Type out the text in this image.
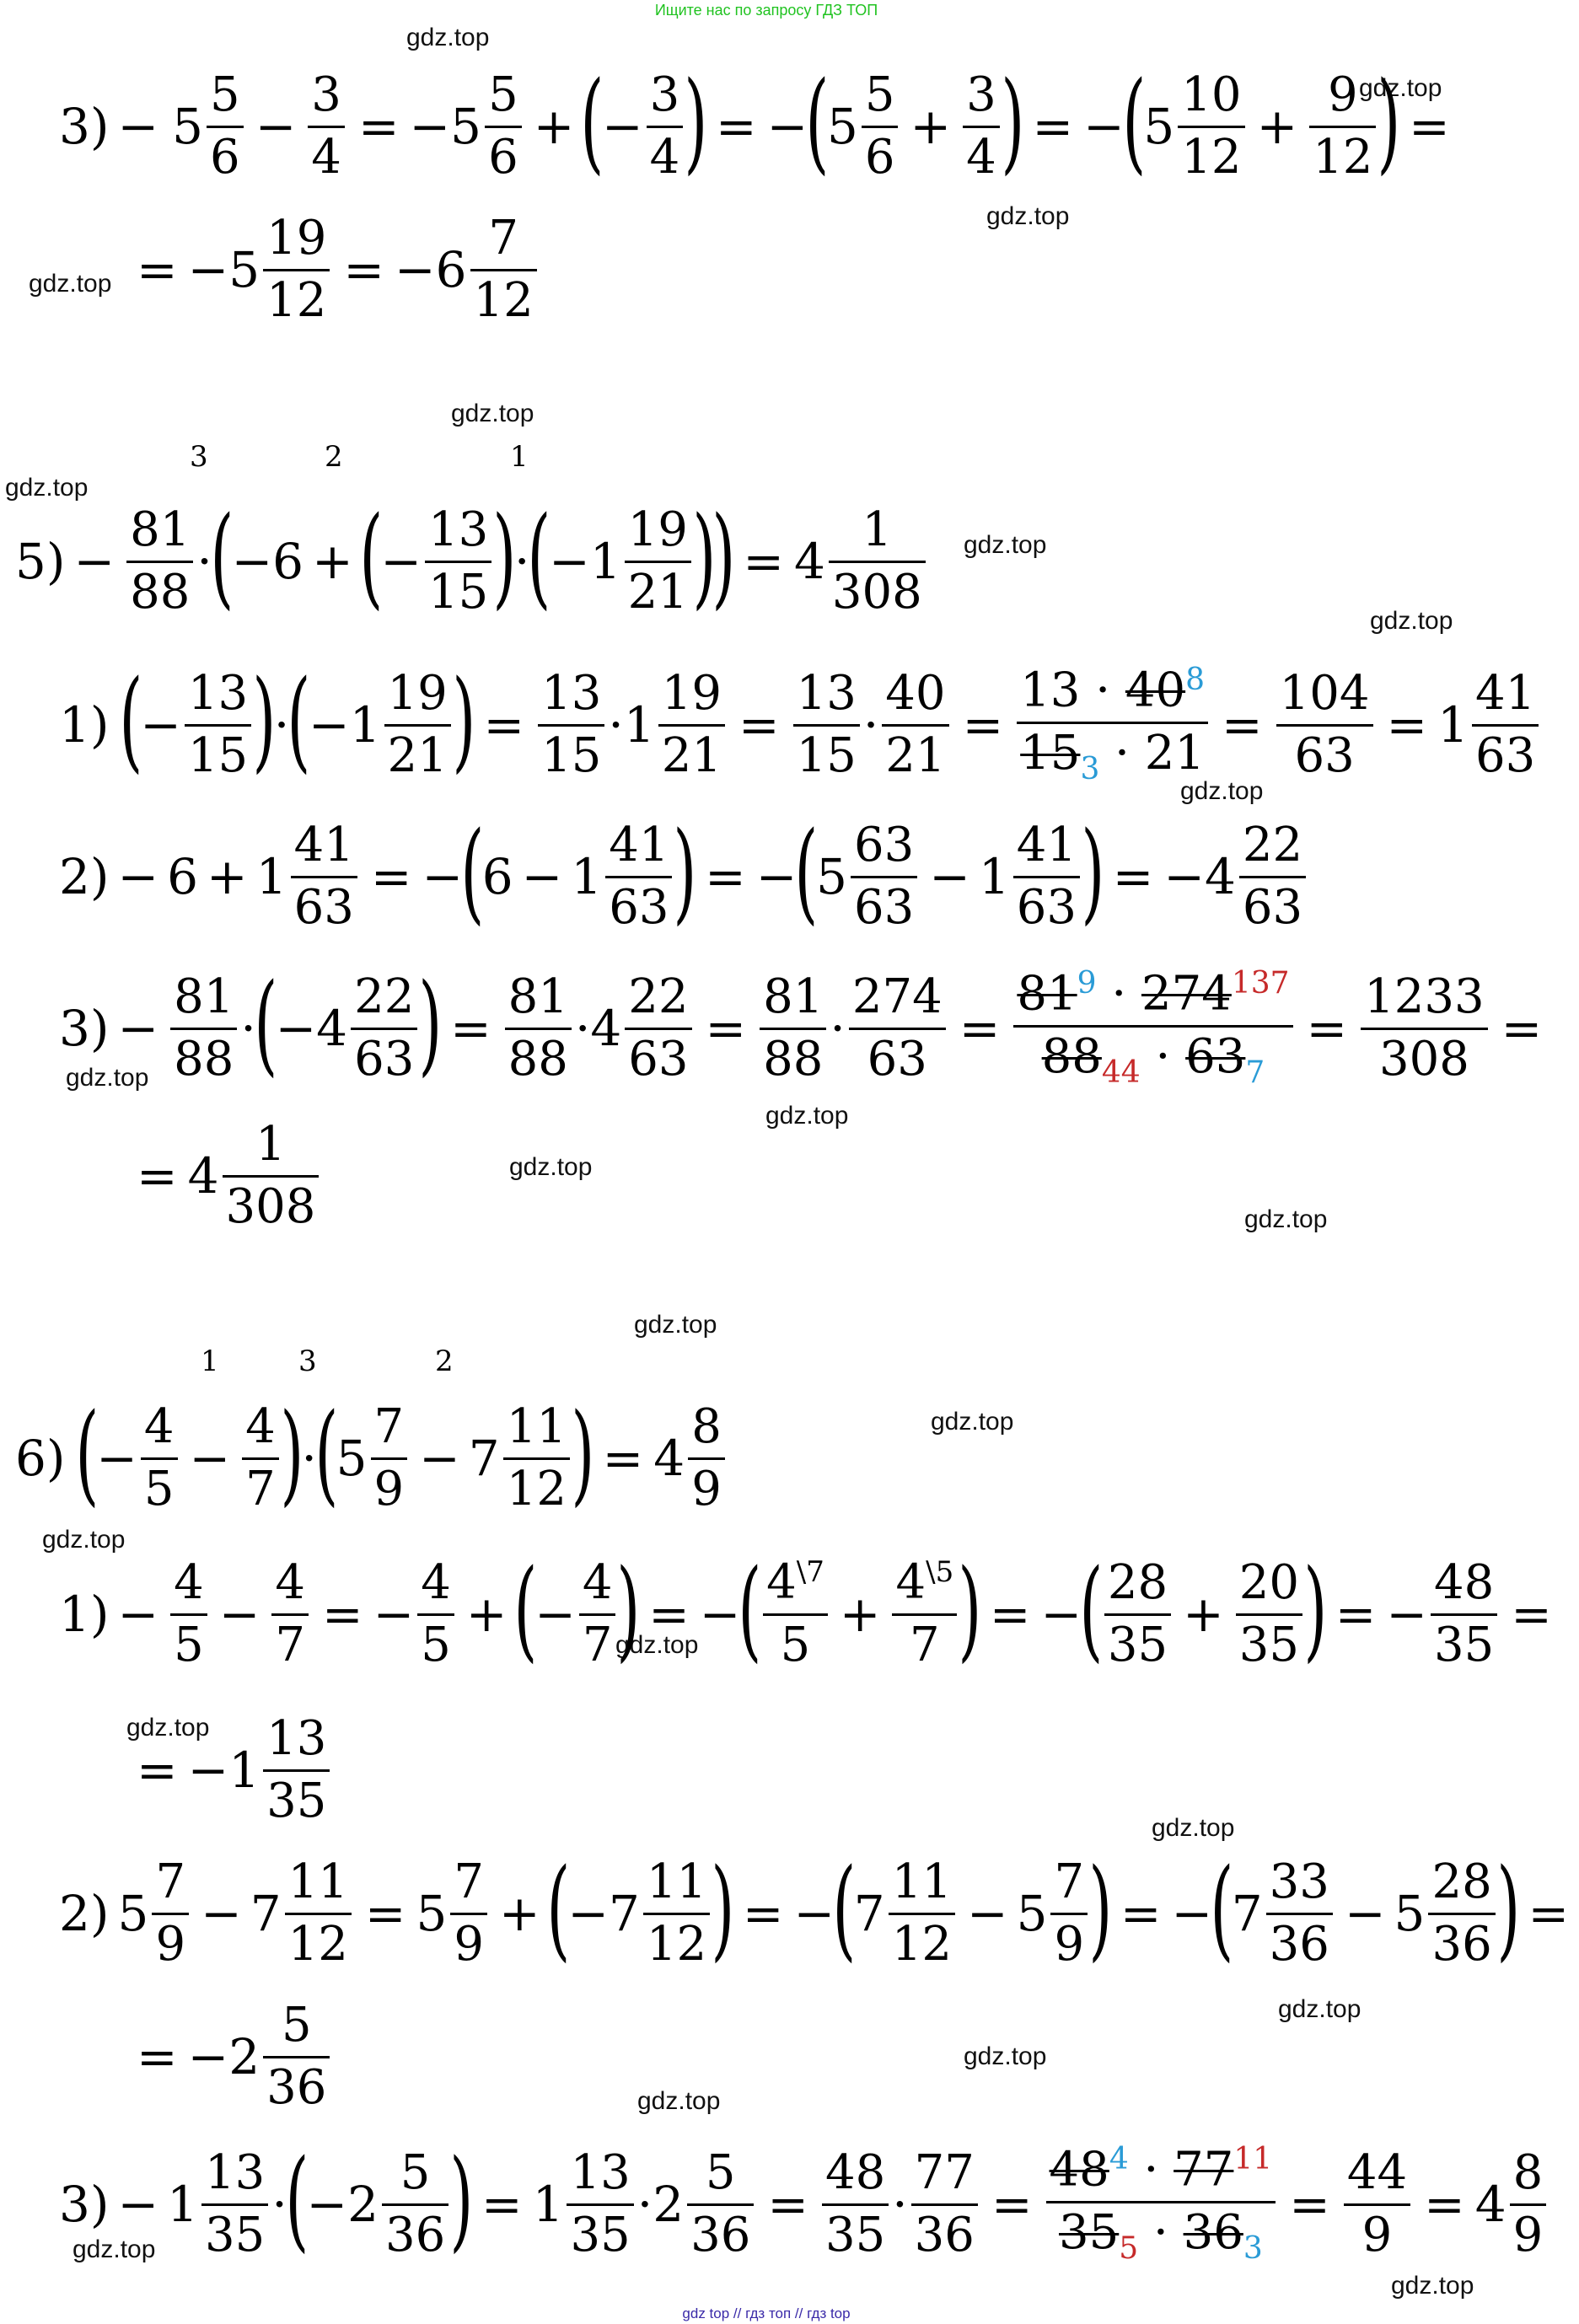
Ищите нас по запросу ГДЗ ТОП
gdz.top
gdz.top
gdz.top
gdz.top
gdz.top
gdz.top
gdz.top
gdz.top
gdz.top
gdz.top
gdz.top
gdz.top
gdz.top
gdz.top
gdz.top
gdz.top
gdz.top
gdz.top
gdz.top
gdz.top
gdz.top
gdz.top
gdz.top
gdz.top
$3) - 5 \frac{5}{6} - \frac{3}{4}$ = − $5 \frac{5}{6}$ + (
− $\frac{3}{4}$ ) = −
(
$5 \frac{5}{6} + \frac{3}{4}$ ) = −
(
$5 \frac{10}{12} + \frac{9}{12}$ ) =
= − $5 \frac{19}{12}$ = − $6 \frac{7}{12}$
3	2	1
$5) - \frac{81}{88}$ ·
(
− 6 + (
− $\frac{13}{15}$ )
·
(
− $1 \frac{19}{21}$ )
) = $4 \frac{1}{308}$
1) (
− $\frac{13}{15}$ )
·
(
− $1 \frac{19}{21}$ ) = $\frac{13}{15} \cdot 1 \frac{19}{21} = \frac{13}{15} \cdot \frac{40}{21} = \frac{13 \cdot 40^8}{15_3 \cdot 21} = \frac{104}{63} = 1 \frac{41}{63}$
$2) - 6 + 1 \frac{41}{63}$ = −
(
$6 - 1 \frac{41}{63}$ ) = −
(
$5 \frac{63}{63} - 1 \frac{41}{63}$ ) = − $4 \frac{22}{63}$
$3) - \frac{81}{88}$ ·
(
− $4 \frac{22}{63}$ ) = $\frac{81}{88} \cdot 4 \frac{22}{63} = \frac{81}{88} \cdot \frac{274}{63} = \frac{81^9 \cdot 274^{137}}{88_{44} \cdot 63_7} = \frac{1233}{308}$ =
= $4 \frac{1}{308}$
1	3	2
6) (
− $\frac{4}{5} - \frac{4}{7}$ )
·
(
$5 \frac{7}{9} - 7 \frac{11}{12}$ ) = $4 \frac{8}{9}$
$1) - \frac{4}{5} - \frac{4}{7}$ = − $\frac{4}{5}$ + (
− $\frac{4}{7}$ ) = −
( $\frac{4^{\backslash 7}}{5} + \frac{4^{\backslash 5}}{7}$ ) = −
( $\frac{28}{35} + \frac{20}{35}$ ) = − $\frac{48}{35}$ =
= − $1 \frac{13}{35}$
2) $5 \frac{7}{9} - 7 \frac{11}{12} = 5 \frac{7}{9}$ + (
− $7 \frac{11}{12}$ ) = −
(
$7 \frac{11}{12} - 5 \frac{7}{9}$ ) = −
(
$7 \frac{33}{36} - 5 \frac{28}{36}$ ) =
= − $2 \frac{5}{36}$
$3) - 1 \frac{13}{35}$ ·
(
− $2 \frac{5}{36}$ ) = $1 \frac{13}{35} \cdot 2 \frac{5}{36} = \frac{48}{35} \cdot \frac{77}{36} = \frac{48^4 \cdot 77^{11}}{35_5 \cdot 36_3} = \frac{44}{9} = 4 \frac{8}{9}$
gdz top // гдз топ // гдз top
